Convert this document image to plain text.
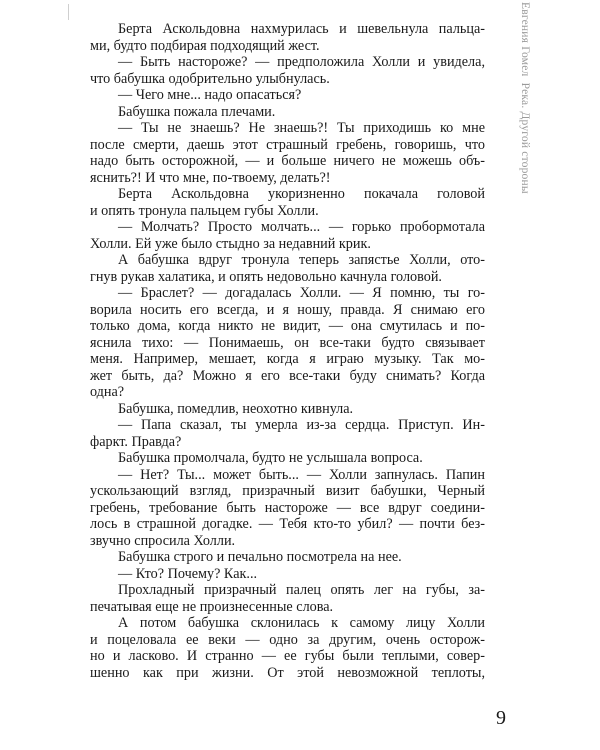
Берта Аскольдовна нахмурилась и шевельнула пальца-
ми, будто подбирая подходящий жест.
— Быть настороже? — предположила Холли и увидела,
что бабушка одобрительно улыбнулась.
— Чего мне... надо опасаться?
Бабушка пожала плечами.
— Ты не знаешь? Не знаешь?! Ты приходишь ко мне
после смерти, даешь этот страшный гребень, говоришь, что
надо быть осторожной, — и больше ничего не можешь объ-
яснить?! И что мне, по-твоему, делать?!
Берта Аскольдовна укоризненно покачала головой
и опять тронула пальцем губы Холли.
— Молчать? Просто молчать... — горько пробормотала
Холли. Ей уже было стыдно за недавний крик.
А бабушка вдруг тронула теперь запястье Холли, ото-
гнув рукав халатика, и опять недовольно качнула головой.
— Браслет? — догадалась Холли. — Я помню, ты го-
ворила носить его всегда, и я ношу, правда. Я снимаю его
только дома, когда никто не видит, — она смутилась и по-
яснила тихо: — Понимаешь, он все-таки будто связывает
меня. Например, мешает, когда я играю музыку. Так мо-
жет быть, да? Можно я его все-таки буду снимать? Когда
одна?
Бабушка, помедлив, неохотно кивнула.
— Папа сказал, ты умерла из-за сердца. Приступ. Ин-
фаркт. Правда?
Бабушка промолчала, будто не услышала вопроса.
— Нет? Ты... может быть... — Холли запнулась. Папин
ускользающий взгляд, призрачный визит бабушки, Черный
гребень, требование быть настороже — все вдруг соедини-
лось в страшной догадке. — Тебя кто-то убил? — почти без-
звучно спросила Холли.
Бабушка строго и печально посмотрела на нее.
— Кто? Почему? Как...
Прохладный призрачный палец опять лег на губы, за-
печатывая еще не произнесенные слова.
А потом бабушка склонилась к самому лицу Холли
и поцеловала ее веки — одно за другим, очень осторож-
но и ласково. И странно — ее губы были теплыми, совер-
шенно как при жизни. От этой невозможной теплоты,
Евгения Гомел  Река. Другой стороны
9
